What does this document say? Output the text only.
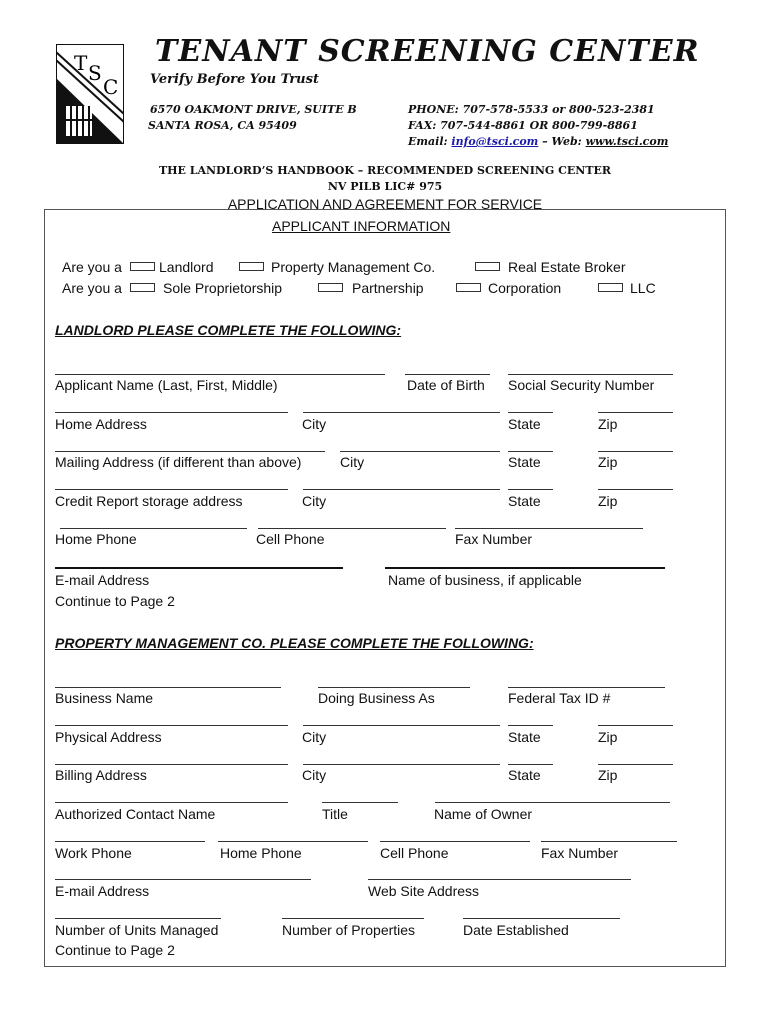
T S
C
TENANT SCREENING CENTER
Verify Before You Trust
6570 OAKMONT DRIVE, SUITE B
SANTA ROSA, CA 95409
PHONE: 707-578-5533 or 800-523-2381
FAX: 707-544-8861 OR 800-799-8861
Email: info@tsci.com – Web: www.tsci.com
THE LANDLORD’S HANDBOOK – RECOMMENDED SCREENING CENTER
NV PILB LIC# 975
APPLICATION AND AGREEMENT FOR SERVICE
APPLICANT INFORMATION
Are you a	Landlord	Property Management Co.	Real Estate Broker
Are you a	Sole Proprietorship	Partnership	Corporation	LLC
LANDLORD PLEASE COMPLETE THE FOLLOWING:
Applicant Name (Last, First, Middle)	Date of Birth Social Security Number
Home Address	City	State	Zip
Mailing Address (if different than above)	City	State	Zip
Credit Report storage address	City	State	Zip
Home Phone	Cell Phone	Fax Number
E-mail Address	Name of business, if applicable
Continue to Page 2
PROPERTY MANAGEMENT CO. PLEASE COMPLETE THE FOLLOWING:
Business Name	Doing Business As	Federal Tax ID #
Physical Address	City	State	Zip
Billing Address	City	State	Zip
Authorized Contact Name	Title	Name of Owner
Work Phone	Home Phone	Cell Phone	Fax Number
E-mail Address	Web Site Address
Number of Units Managed	Number of Properties	Date Established
Continue to Page 2
